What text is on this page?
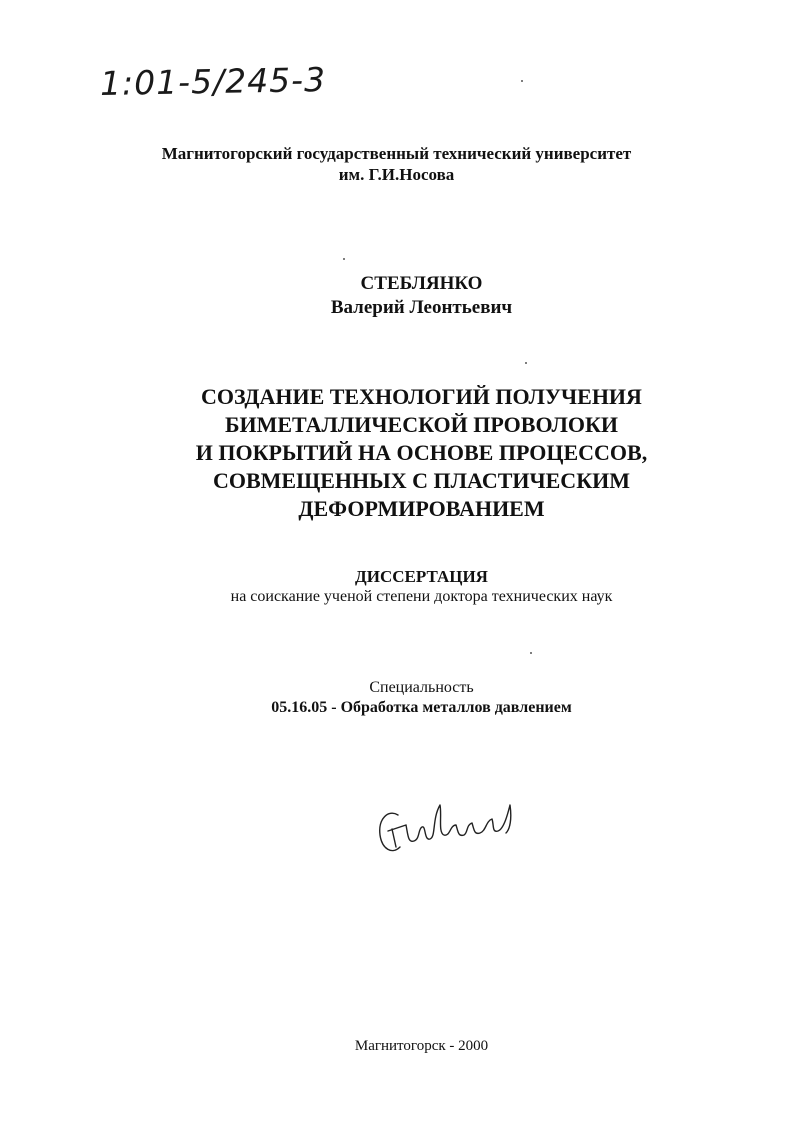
1:01-5/245-3
Магнитогорский государственный технический университет
им. Г.И.Носова
СТЕБЛЯНКО
Валерий Леонтьевич
СОЗДАНИЕ ТЕХНОЛОГИЙ ПОЛУЧЕНИЯ
БИМЕТАЛЛИЧЕСКОЙ ПРОВОЛОКИ
И ПОКРЫТИЙ НА ОСНОВЕ ПРОЦЕССОВ,
СОВМЕЩЕННЫХ С ПЛАСТИЧЕСКИМ
ДЕФОРМИРОВАНИЕМ
ДИССЕРТАЦИЯ
на соискание ученой степени доктора технических наук
Специальность
05.16.05 - Обработка металлов давлением
Магнитогорск - 2000
